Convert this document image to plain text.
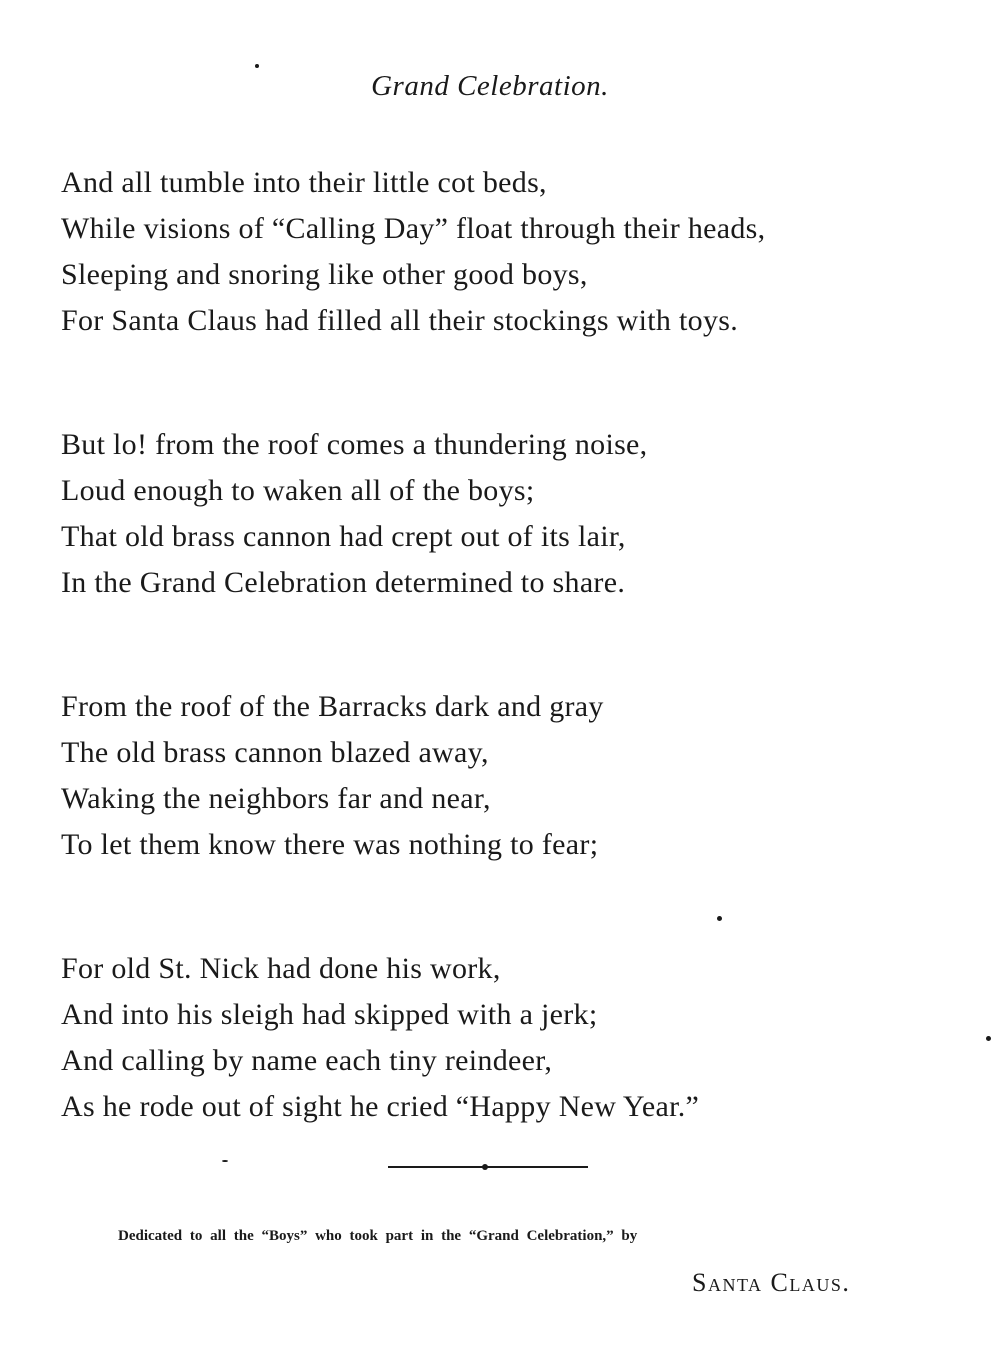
Grand Celebration.
And all tumble into their little cot beds,
While visions of “Calling Day” float through their heads,
Sleeping and snoring like other good boys,
For Santa Claus had filled all their stockings with toys.
But lo! from the roof comes a thundering noise,
Loud enough to waken all of the boys;
That old brass cannon had crept out of its lair,
In the Grand Celebration determined to share.
From the roof of the Barracks dark and gray
The old brass cannon blazed away,
Waking the neighbors far and near,
To let them know there was nothing to fear;
For old St. Nick had done his work,
And into his sleigh had skipped with a jerk;
And calling by name each tiny reindeer,
As he rode out of sight he cried “Happy New Year.”
Dedicated to all the “Boys” who took part in the “Grand Celebration,” by
Santa Claus.
